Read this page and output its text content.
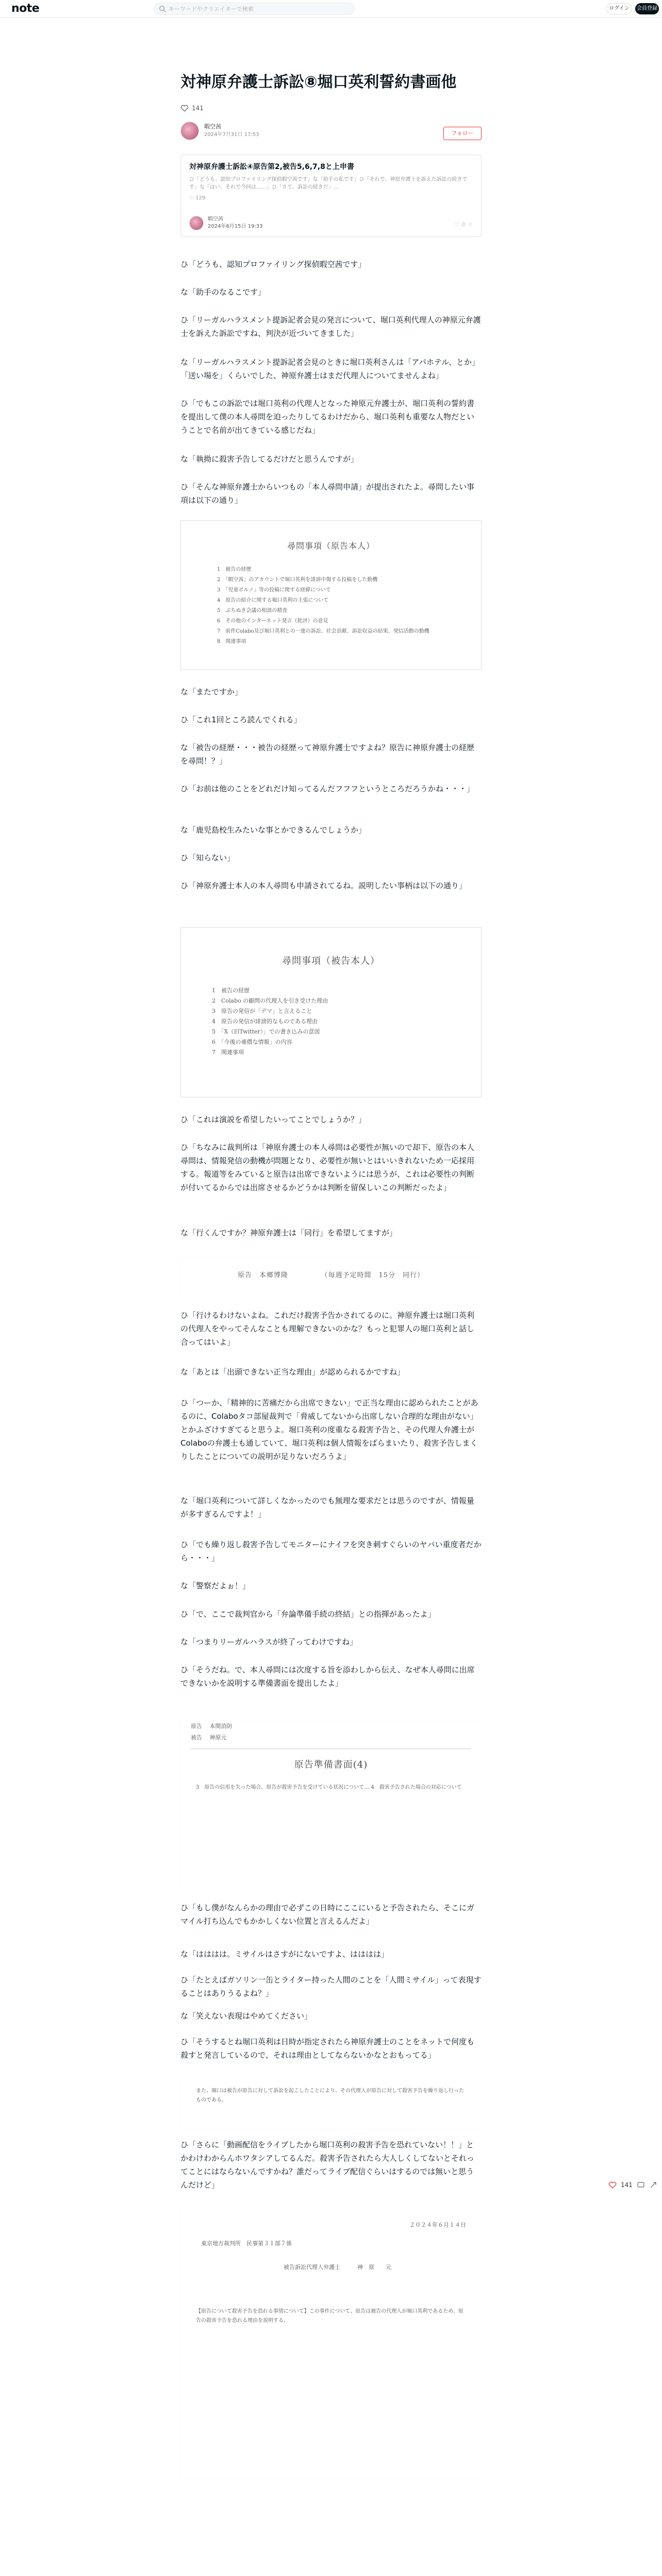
note	キーワードやクリエイターで検索	ログイン	会員登録
対神原弁護士訴訟⑧堀口英利誓約書画他
141
暇空茜
2024年7月31日 17:53	フォロー
対神原弁護士訴訟④原告第2,被告5,6,7,8と上申書
ひ「どうも、認知プロファイリング探偵暇空茜です」な「助手の私です」ひ「それで、神原弁護士を訴えた訴訟の続きです」な「はい、それで今回は……」ひ「さて、訴訟の続きだ」…
♡ 129
暇空茜
2024年6月15日 19:33	♡ ⊙ ☆
ひ「どうも、認知プロファイリング探偵暇空茜です」
な「助手のなるこです」
ひ「リーガルハラスメント提訴記者会見の発言について、堀口英利代理人の神原元弁護士を訴えた訴訟ですね、判決が近づいてきました」
な「リーガルハラスメント提訴記者会見のときに堀口英利さんは「アパホテル、とか」「送い場を」くらいでした、神原弁護士はまだ代理人についてませんよね」
ひ「でもこの訴訟では堀口英利の代理人となった神原元弁護士が、堀口英利の誓約書を提出して僕の本人尋問を迫ったりしてるわけだから、堀口英利も重要な人物だということで名前が出てきている感じだね」
な「執拗に殺害予告してるだけだと思うんですが」
ひ「そんな神原弁護士からいつもの「本人尋問申請」が提出されたよ。尋問したい事項は以下の通り」
尋問事項（原告本人）
1　被告の経歴
2　「暇空茜」のアカウントで堀口英利を誹謗中傷する投稿をした動機
3　「児童ポルノ」等の投稿に関する経緯について
4　原告の紹介に関する堀口英利の主張について
5　ぶちぬき会議の相談の精査
6　その他のインターネット発言（批評）の意見
7　前件Colabo及び堀口英利との一連の訴訟、社会貢献、訴訟収益の結果、発信活動の動機
8　関連事項
な「またですか」
ひ「これ1回ところ読んでくれる」
な「被告の経歴・・・被告の経歴って神原弁護士ですよね？原告に神原弁護士の経歴を尋問！？」
ひ「お前は他のことをどれだけ知ってるんだフフフというところだろうかね・・・」
な「鹿児島校生みたいな事とかできるんでしょうか」
ひ「知らない」
ひ「神原弁護士本人の本人尋問も申請されてるね。説明したい事柄は以下の通り」
尋問事項（被告本人）
1　被告の経歴
2　Colabo の顧問の代理人を引き受けた理由
3　原告の発信が「デマ」と言えること
4　原告の発信が誹謗的なものである理由
5　「X（旧Twitter）」での書き込みの意図
6　「今後の補償な情報」の内容
7　関連事項
ひ「これは演説を希望したいってことでしょうか？」
ひ「ちなみに裁判所は「神原弁護士の本人尋問は必要性が無いので却下、原告の本人尋問は、情報発信の動機が問題となり、必要性が無いとはいいきれないため一応採用する。報道等をみていると原告は出席できないようには思うが、これは必要性の判断が付いてるからでは出席させるかどうかは判断を留保しいこの判断だったよ」
な「行くんですか？神原弁護士は「同行」を希望してますが」
原告　本郷博隆　　　　　（毎週予定時間　15分　同行）
ひ「行けるわけないよね。これだけ殺害予告かされてるのに。神原弁護士は堀口英利の代理人をやってそんなことも理解できないのかな？もっと犯罪人の堀口英利と話し合ってはいよ」
な「あとは「出頭できない正当な理由」が認められるかですね」
ひ「つーか、「精神的に苦痛だから出席できない」で正当な理由に認められたことがあるのに、Colaboタコ部屋裁判で「脅威してないから出席しない合理的な理由がない」とかふざけすぎてると思うよ。堀口英利の度重なる殺害予告と、その代理人弁護士がColaboの弁護士も通していて、堀口英利は個人情報をばらまいたり、殺害予告しまくりしたことについての説明が足りないだろうよ」
な「堀口英利について詳しくなかったのでも無理な要求だとは思うのですが、情報量が多すぎるんですよ！」
ひ「でも繰り返し殺害予告してモニターにナイフを突き刺すぐらいのヤバい重度者だから・・・」
な「警察だよぉ！」
ひ「で、ここで裁判官から「弁論準備手続の終結」との指揮があったよ」
な「つまりリーガルハラスが終了ってわけですね」
ひ「そうだね。で、本人尋問には次度する旨を添わしから伝え、なぜ本人尋問に出席できないかを説明する準備書面を提出したよ」
原告　 本間消防
被告　 神原元
原告準備書面(4)
3　原告の信用を失った場合、原告が殺害予告を受けている状況について… 4　殺害予告された場合の対応について
ひ「もし僕がなんらかの理由で必ずこの日時にここにいると予告されたら、そこにガマイル打ち込んでもかかしくない位置と言えるんだよ」
な「はははは。ミサイルはさすがにないですよ、はははは」
ひ「たとえばガソリン一缶とライター持った人間のことを「人間ミサイル」って表現することはありうるよね？」
な「笑えない表現はやめてください」
ひ「そうするとね堀口英利は日時が指定されたら神原弁護士のことをネットで何度も殺すと発言しているので、それは理由としてならないかなとおもってる」
また、堀口は被告が原告に対して訴訟を起こしたことにより、その代理人が原告に対して殺害予告を繰り返し行ったものである。
ひ「さらに「動画配信をライブしたから堀口英利の殺害予告を恐れていない！！」とかわけわからんホワタシアしてるんだ。殺害予告されたら大人しくしてないとそれってことにはならないんですかね？誰だってライブ配信ぐらいはするのでは無いと思うんだけど」
２０２４年６月１４日
東京地方裁判所　民事第３１部７係
被告訴訟代理人弁護士　　　神　原　　元
【原告について殺害予告を恐れる事情について】この事件について、原告は被告の代理人が堀口英利であるため、原告の殺害予告を恐れる理由を説明する。
141
